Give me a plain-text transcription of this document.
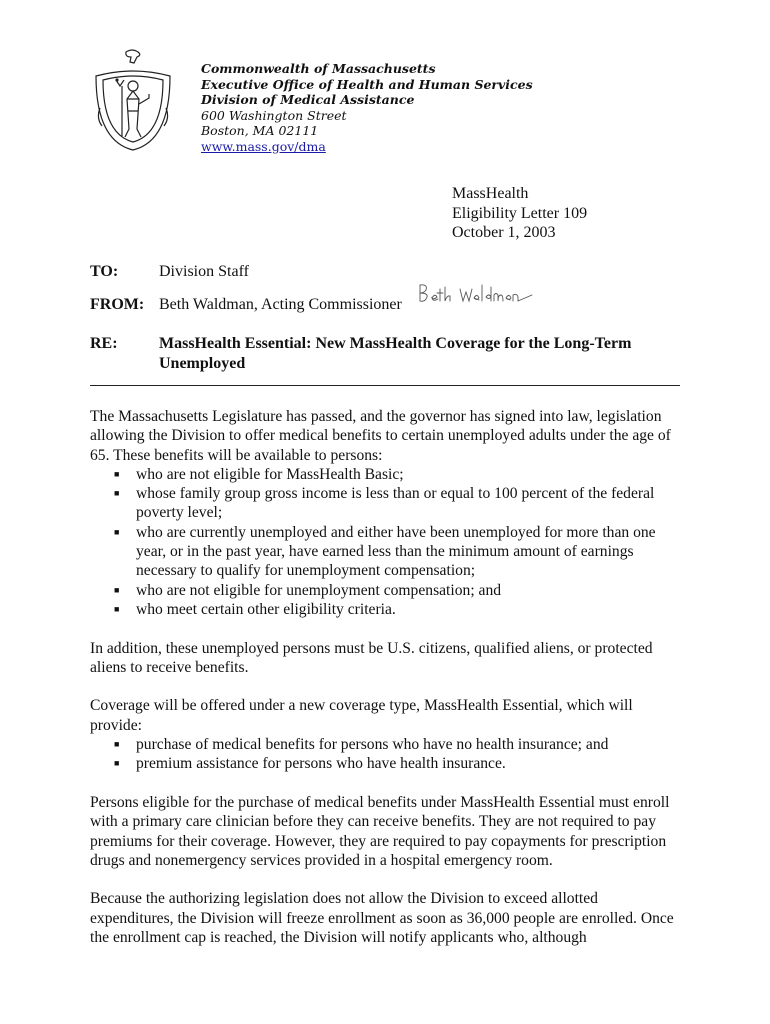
Commonwealth of Massachusetts
Executive Office of Health and Human Services
Division of Medical Assistance
600 Washington Street
Boston, MA 02111
www.mass.gov/dma
MassHealth
Eligibility Letter 109
October 1, 2003
TO:	Division Staff
FROM: Beth Waldman, Acting Commissioner
RE:	MassHealth Essential: New MassHealth Coverage for the Long-Term Unemployed

The Massachusetts Legislature has passed, and the governor has signed into law, legislation allowing the Division to offer medical benefits to certain unemployed adults under the age of 65. These benefits will be available to persons:

■ who are not eligible for MassHealth Basic;
■ whose family group gross income is less than or equal to 100 percent of the federal poverty level;
■ who are currently unemployed and either have been unemployed for more than one year, or in the past year, have earned less than the minimum amount of earnings necessary to qualify for unemployment compensation;
■ who are not eligible for unemployment compensation; and
■ who meet certain other eligibility criteria.

In addition, these unemployed persons must be U.S. citizens, qualified aliens, or protected aliens to receive benefits.

Coverage will be offered under a new coverage type, MassHealth Essential, which will provide:

■ purchase of medical benefits for persons who have no health insurance; and
■ premium assistance for persons who have health insurance.

Persons eligible for the purchase of medical benefits under MassHealth Essential must enroll with a primary care clinician before they can receive benefits. They are not required to pay premiums for their coverage. However, they are required to pay copayments for prescription drugs and nonemergency services provided in a hospital emergency room.

Because the authorizing legislation does not allow the Division to exceed allotted expenditures, the Division will freeze enrollment as soon as 36,000 people are enrolled. Once the enrollment cap is reached, the Division will notify applicants who, although
